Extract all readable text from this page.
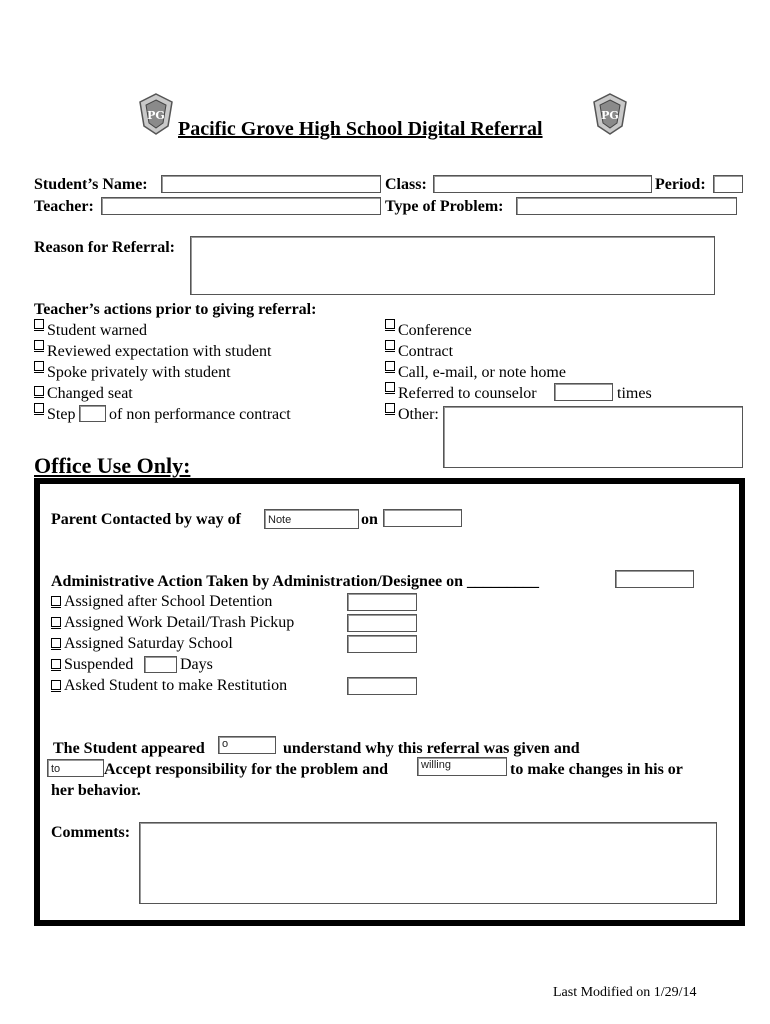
PG	PG
Pacific Grove High School Digital Referral
Student’s Name:	Class:	Period:
Teacher:	Type of Problem:
Reason for Referral:
Teacher’s actions prior to giving referral:
Student warned
Reviewed expectation with student
Spoke privately with student
Changed seat
Step of non performance contract
Conference
Contract
Call, e-mail, or note home
Referred to counselor	times
Other:
Office Use Only:
Parent Contacted by way of	Note	on
Administrative Action Taken by Administration/Designee on _________
Assigned after School Detention
Assigned Work Detail/Trash Pickup
Assigned Saturday School
Suspended	Days
Asked Student to make Restitution
The Student appeared	o	understand why this referral was given and
to	Accept responsibility for the problem and	willing	to make changes in his or
her behavior.
Comments:
Last Modified on 1/29/14
